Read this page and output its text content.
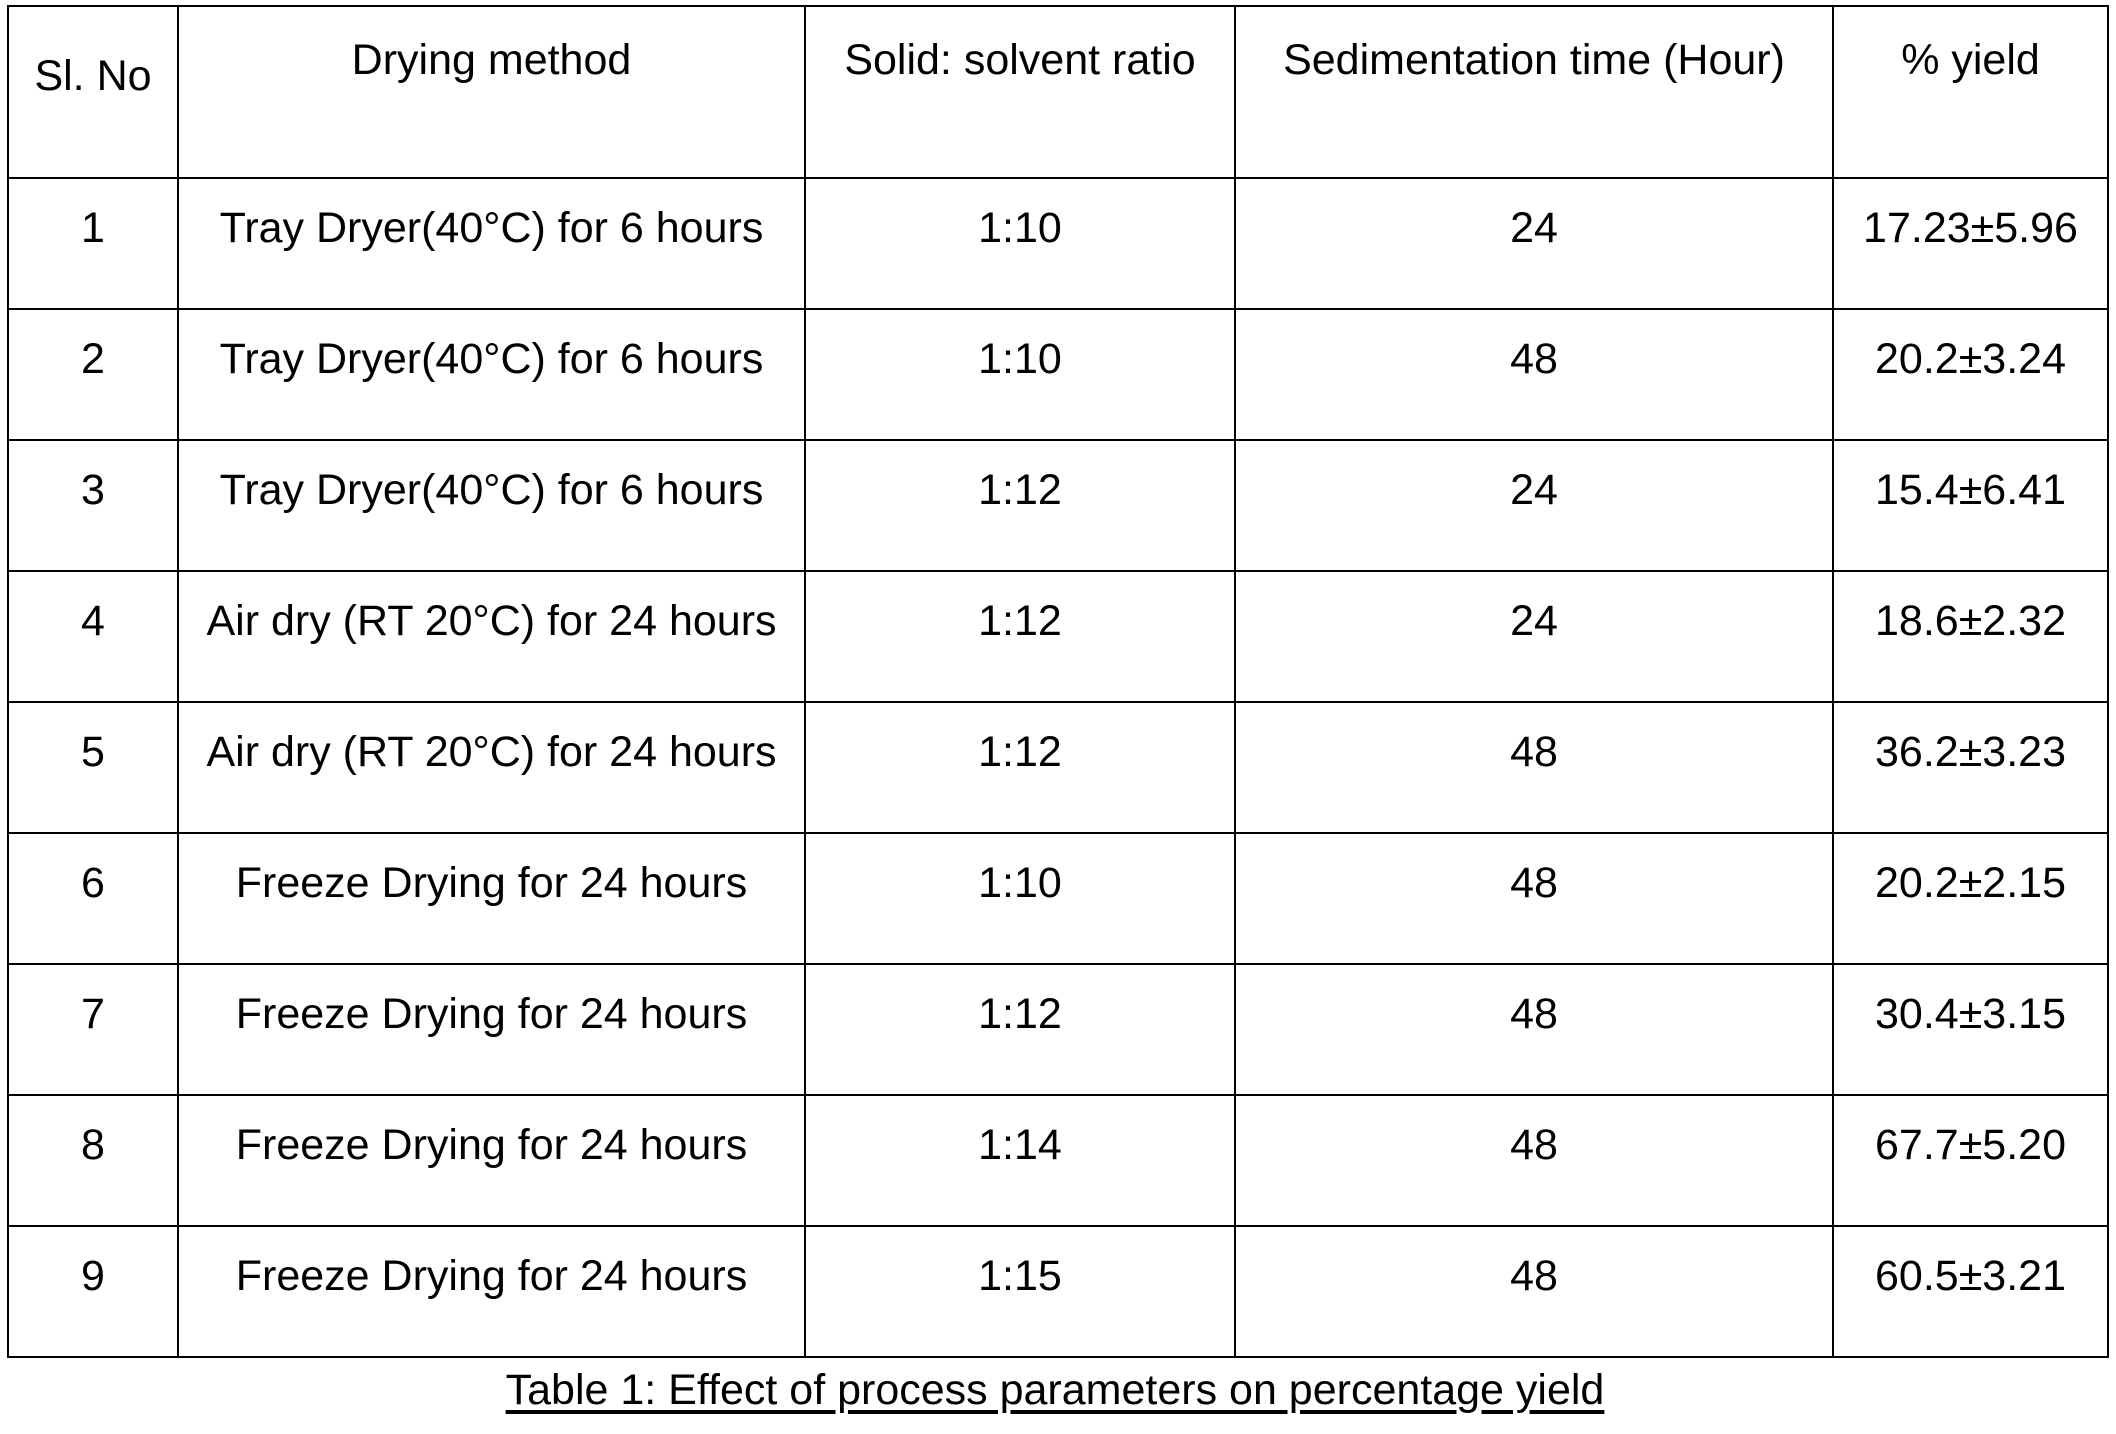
Sl. No	Drying method	Solid: solvent ratio	Sedimentation time (Hour)	% yield
1	Tray Dryer(40°C) for 6 hours	1:10	24	17.23±5.96
2	Tray Dryer(40°C) for 6 hours	1:10	48	20.2±3.24
3	Tray Dryer(40°C) for 6 hours	1:12	24	15.4±6.41
4	Air dry (RT 20°C) for 24 hours	1:12	24	18.6±2.32
5	Air dry (RT 20°C) for 24 hours	1:12	48	36.2±3.23
6	Freeze Drying for 24 hours	1:10	48	20.2±2.15
7	Freeze Drying for 24 hours	1:12	48	30.4±3.15
8	Freeze Drying for 24 hours	1:14	48	67.7±5.20
9	Freeze Drying for 24 hours	1:15	48	60.5±3.21
Table 1: Effect of process parameters on percentage yield
